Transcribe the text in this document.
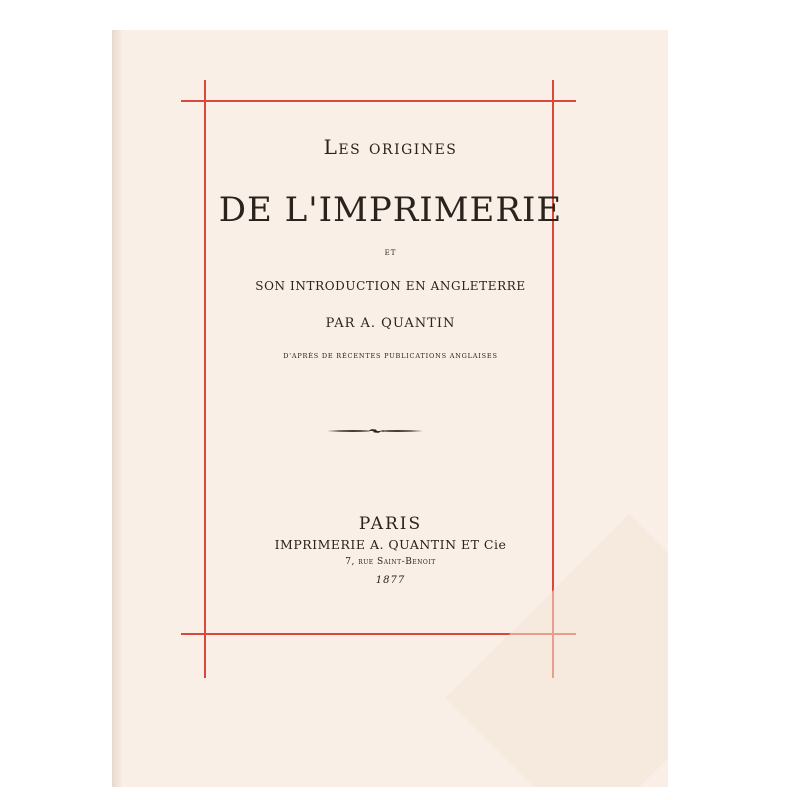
Les origines
DE L'IMPRIMERIE
ET
SON INTRODUCTION EN ANGLETERRE
PAR A. QUANTIN
D'APRÈS DE RÉCENTES PUBLICATIONS ANGLAISES
PARIS
IMPRIMERIE A. QUANTIN ET Cie
7, rue Saint-Benoit
1877
